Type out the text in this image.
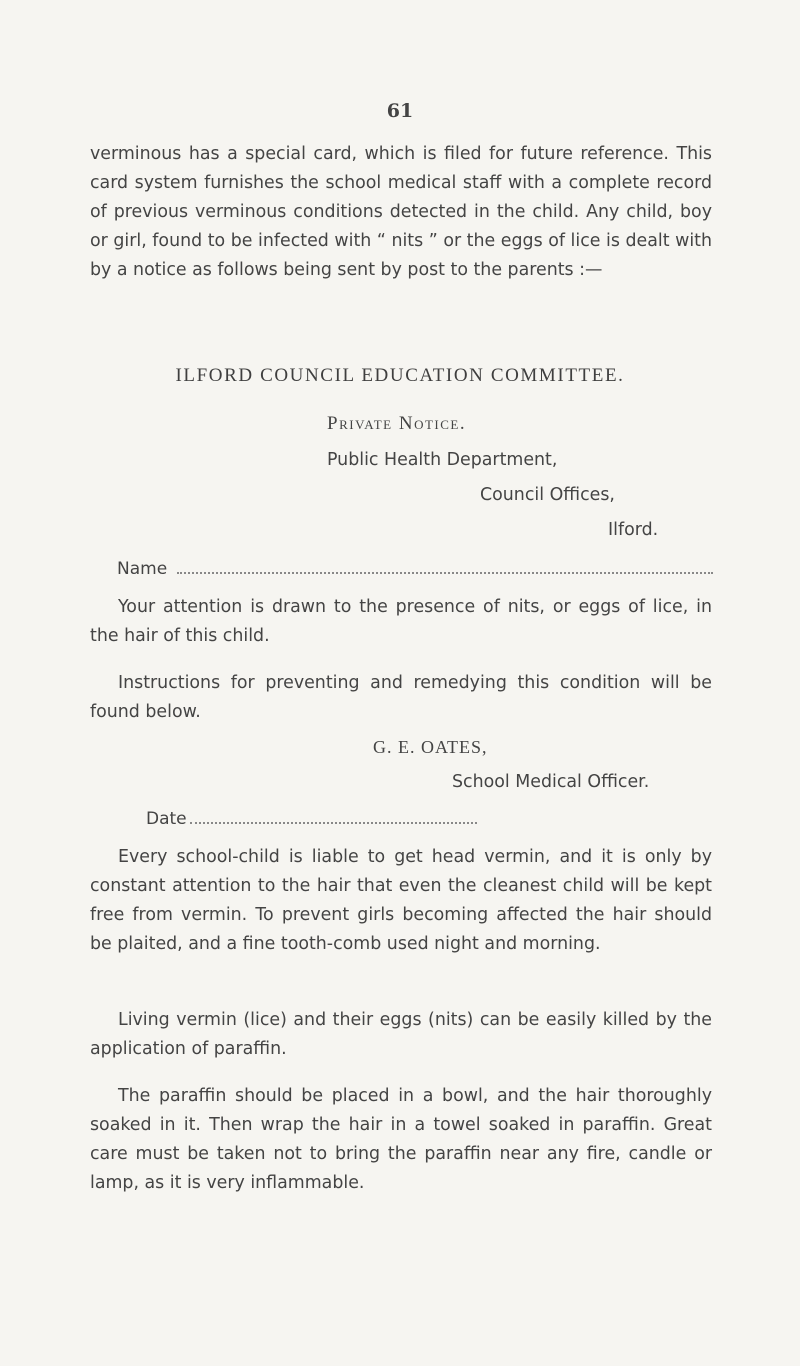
61

verminous has a special card, which is filed for future reference. This card system furnishes the school medical staff with a complete record of previous verminous conditions detected in the child. Any child, boy or girl, found to be infected with “ nits ” or the eggs of lice is dealt with by a notice as follows being sent by post to the parents :—

ILFORD COUNCIL EDUCATION COMMITTEE.
Private Notice.
Public Health Department,
Council Offices,
Ilford.
Name

Your attention is drawn to the presence of nits, or eggs of lice, in the hair of this child.

Instructions for preventing and remedying this condition will be found below.

G. E. OATES,
School Medical Officer.
Date

Every school-child is liable to get head vermin, and it is only by constant attention to the hair that even the cleanest child will be kept free from vermin. To prevent girls becoming affected the hair should be plaited, and a fine tooth-comb used night and morning.

Living vermin (lice) and their eggs (nits) can be easily killed by the application of paraffin.

The paraffin should be placed in a bowl, and the hair thoroughly soaked in it. Then wrap the hair in a towel soaked in paraffin. Great care must be taken not to bring the paraffin near any fire, candle or lamp, as it is very inflammable.
